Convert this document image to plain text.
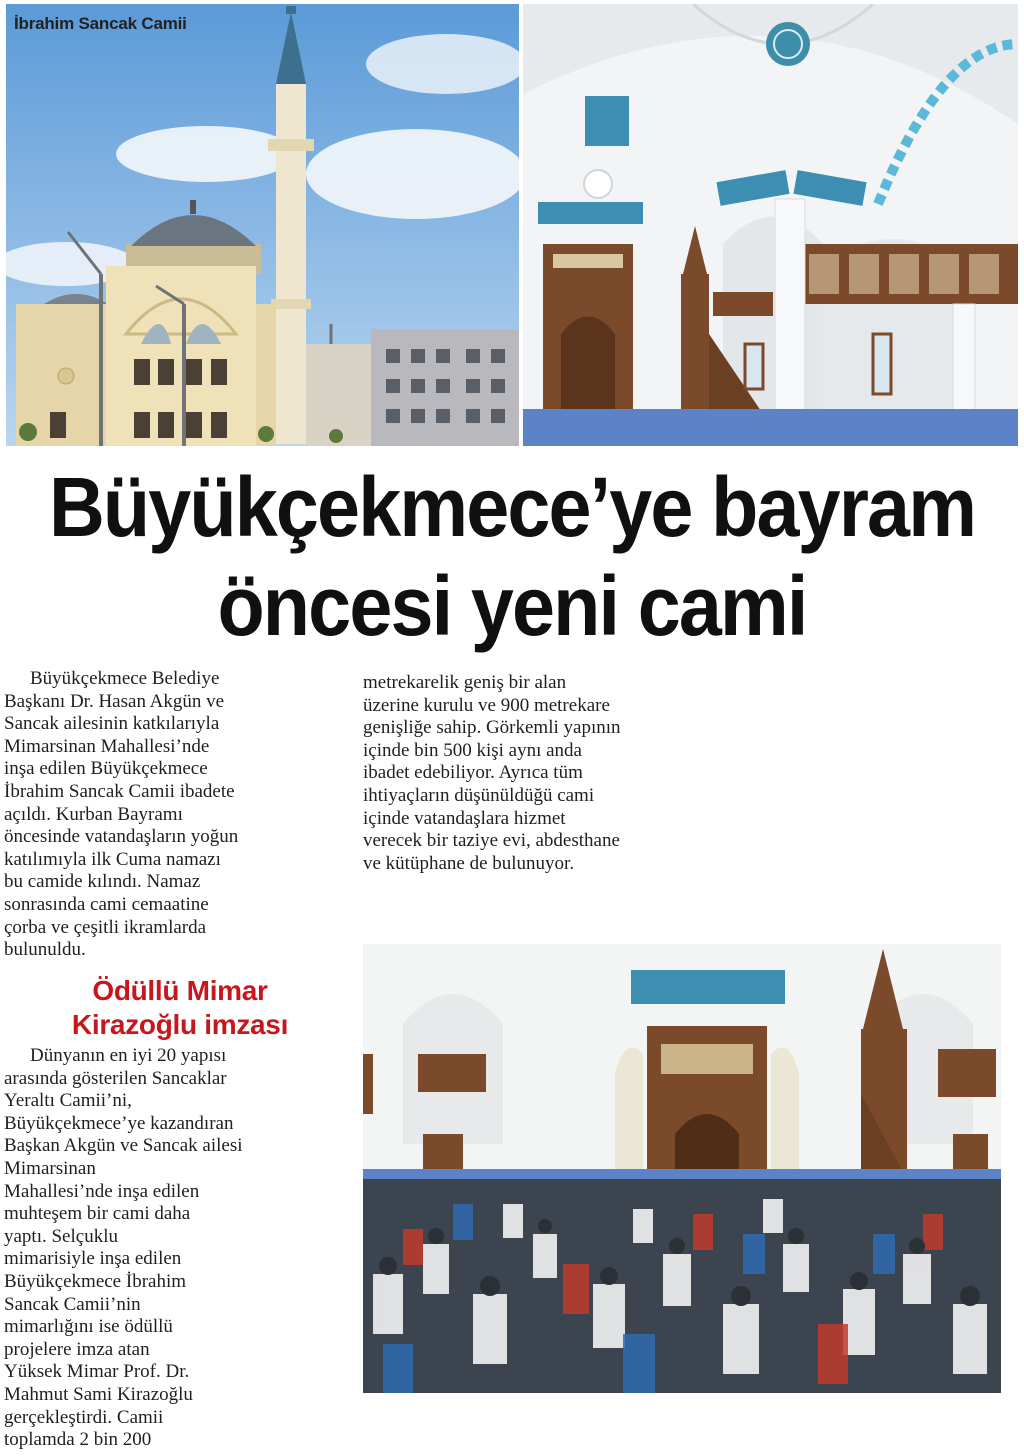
İbrahim Sancak Camii
Büyükçekmece’ye bayram
öncesi yeni cami
Büyükçekmece Belediye
Başkanı Dr. Hasan Akgün ve
Sancak ailesinin katkılarıyla
Mimarsinan Mahallesi’nde
inşa edilen Büyükçekmece
İbrahim Sancak Camii ibadete
açıldı. Kurban Bayramı
öncesinde vatandaşların yoğun
katılımıyla ilk Cuma namazı
bu camide kılındı. Namaz
sonrasında cami cemaatine
çorba ve çeşitli ikramlarda
bulunuldu.
metrekarelik geniş bir alan
üzerine kurulu ve 900 metrekare
genişliğe sahip. Görkemli yapının
içinde bin 500 kişi aynı anda
ibadet edebiliyor. Ayrıca tüm
ihtiyaçların düşünüldüğü cami
içinde vatandaşlara hizmet
verecek bir taziye evi, abdesthane
ve kütüphane de bulunuyor.
Ödüllü Mimar
Kirazoğlu imzası
Dünyanın en iyi 20 yapısı
arasında gösterilen Sancaklar
Yeraltı Camii’ni,
Büyükçekmece’ye kazandıran
Başkan Akgün ve Sancak ailesi
Mimarsinan
Mahallesi’nde inşa edilen
muhteşem bir cami daha
yaptı. Selçuklu
mimarisiyle inşa edilen
Büyükçekmece İbrahim
Sancak Camii’nin
mimarlığını ise ödüllü
projelere imza atan
Yüksek Mimar Prof. Dr.
Mahmut Sami Kirazoğlu
gerçekleştirdi. Camii
toplamda 2 bin 200
